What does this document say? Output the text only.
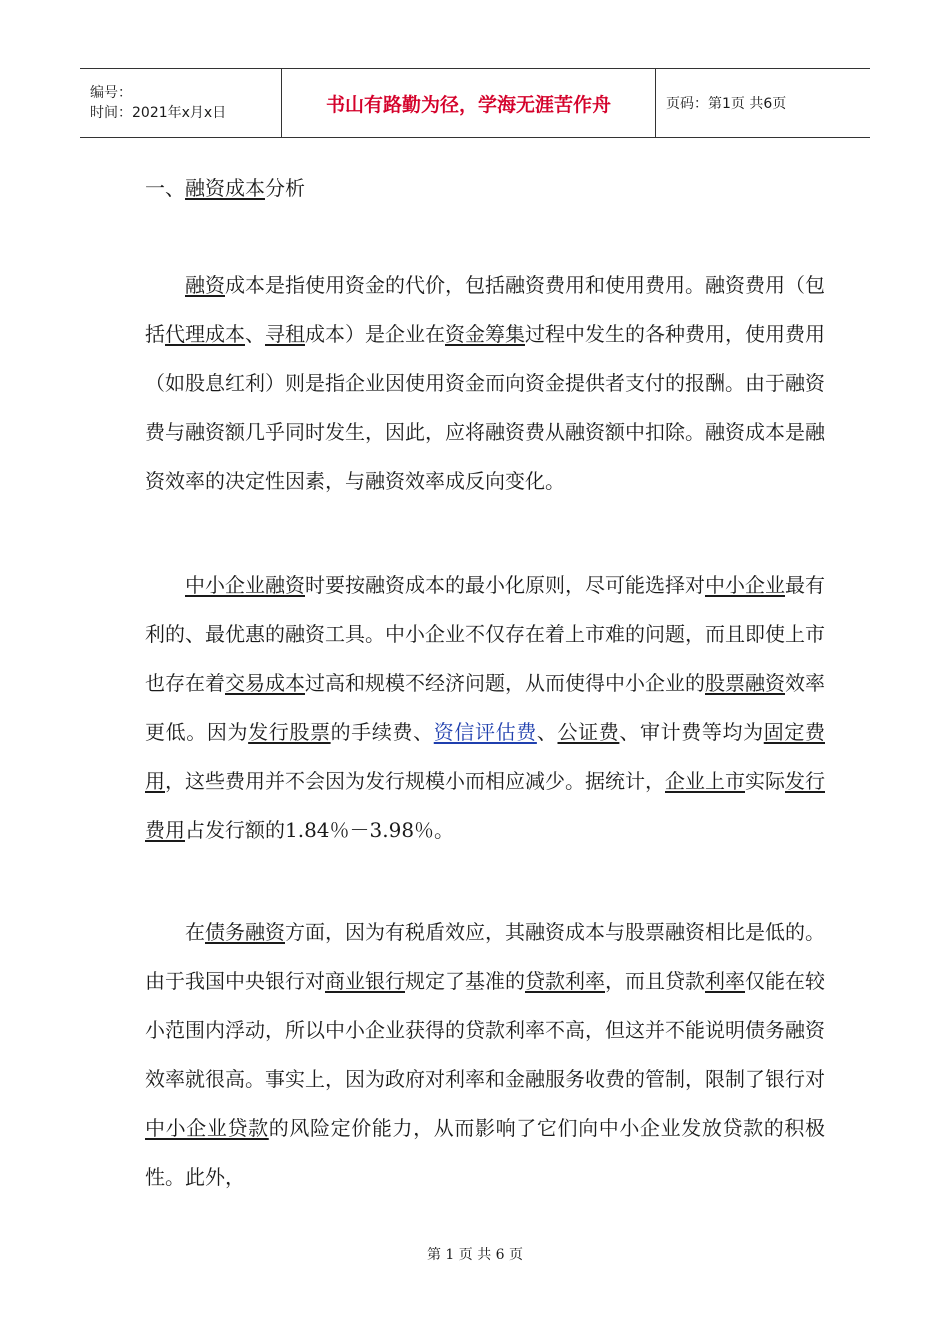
编号：
时间：2021年x月x日	书山有路勤为径，学海无涯苦作舟	页码：第1页 共6页
一、融资成本分析

融资成本是指使用资金的代价，包括融资费用和使用费用。融资费用（包括代理成本、寻租成本）是企业在资金筹集过程中发生的各种费用，使用费用（如股息红利）则是指企业因使用资金而向资金提供者支付的报酬。由于融资费与融资额几乎同时发生，因此，应将融资费从融资额中扣除。融资成本是融资效率的决定性因素，与融资效率成反向变化。

中小企业融资时要按融资成本的最小化原则，尽可能选择对中小企业最有利的、最优惠的融资工具。中小企业不仅存在着上市难的问题，而且即使上市也存在着交易成本过高和规模不经济问题，从而使得中小企业的股票融资效率更低。因为发行股票的手续费、资信评估费、公证费、审计费等均为固定费用，这些费用并不会因为发行规模小而相应减少。据统计，企业上市实际发行费用占发行额的1.84％－3.98％。

在债务融资方面，因为有税盾效应，其融资成本与股票融资相比是低的。由于我国中央银行对商业银行规定了基准的贷款利率，而且贷款利率仅能在较小范围内浮动，所以中小企业获得的贷款利率不高，但这并不能说明债务融资效率就很高。事实上，因为政府对利率和金融服务收费的管制，限制了银行对中小企业贷款的风险定价能力，从而影响了它们向中小企业发放贷款的积极性。此外，

第 1 页 共 6 页
